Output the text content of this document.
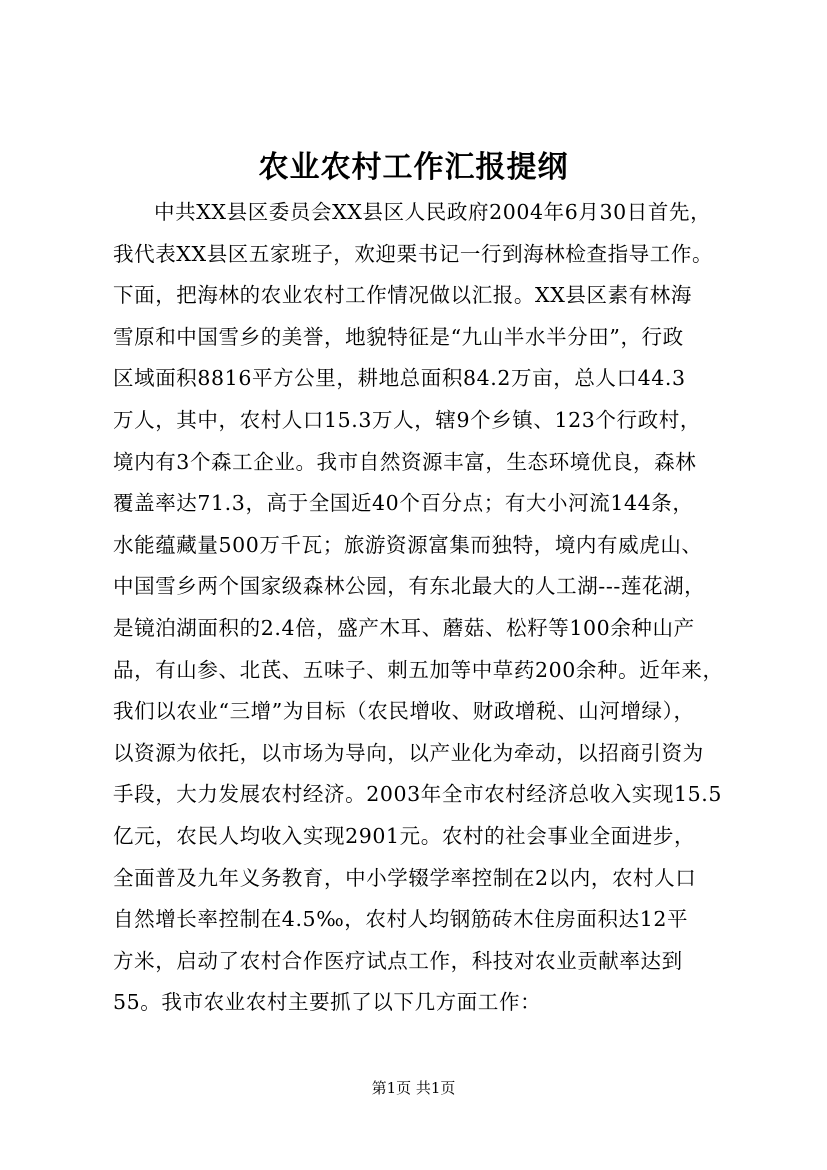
农业农村工作汇报提纲
中共XX县区委员会XX县区人民政府2004年6月30日首先，
我代表XX县区五家班子，欢迎栗书记一行到海林检查指导工作。
下面，把海林的农业农村工作情况做以汇报。XX县区素有林海
雪原和中国雪乡的美誉，地貌特征是“九山半水半分田”，行政
区域面积8816平方公里，耕地总面积84.2万亩，总人口44.3
万人，其中，农村人口15.3万人，辖9个乡镇、123个行政村，
境内有3个森工企业。我市自然资源丰富，生态环境优良，森林
覆盖率达71.3，高于全国近40个百分点；有大小河流144条，
水能蕴藏量500万千瓦；旅游资源富集而独特，境内有威虎山、
中国雪乡两个国家级森林公园，有东北最大的人工湖---莲花湖，
是镜泊湖面积的2.4倍，盛产木耳、蘑菇、松籽等100余种山产
品，有山参、北芪、五味子、刺五加等中草药200余种。近年来，
我们以农业“三增”为目标（农民增收、财政增税、山河增绿），
以资源为依托，以市场为导向，以产业化为牵动，以招商引资为
手段，大力发展农村经济。2003年全市农村经济总收入实现15.5
亿元，农民人均收入实现2901元。农村的社会事业全面进步，
全面普及九年义务教育，中小学辍学率控制在2以内，农村人口
自然增长率控制在4.5‰，农村人均钢筋砖木住房面积达12平
方米，启动了农村合作医疗试点工作，科技对农业贡献率达到
55。我市农业农村主要抓了以下几方面工作：
第1页 共1页
